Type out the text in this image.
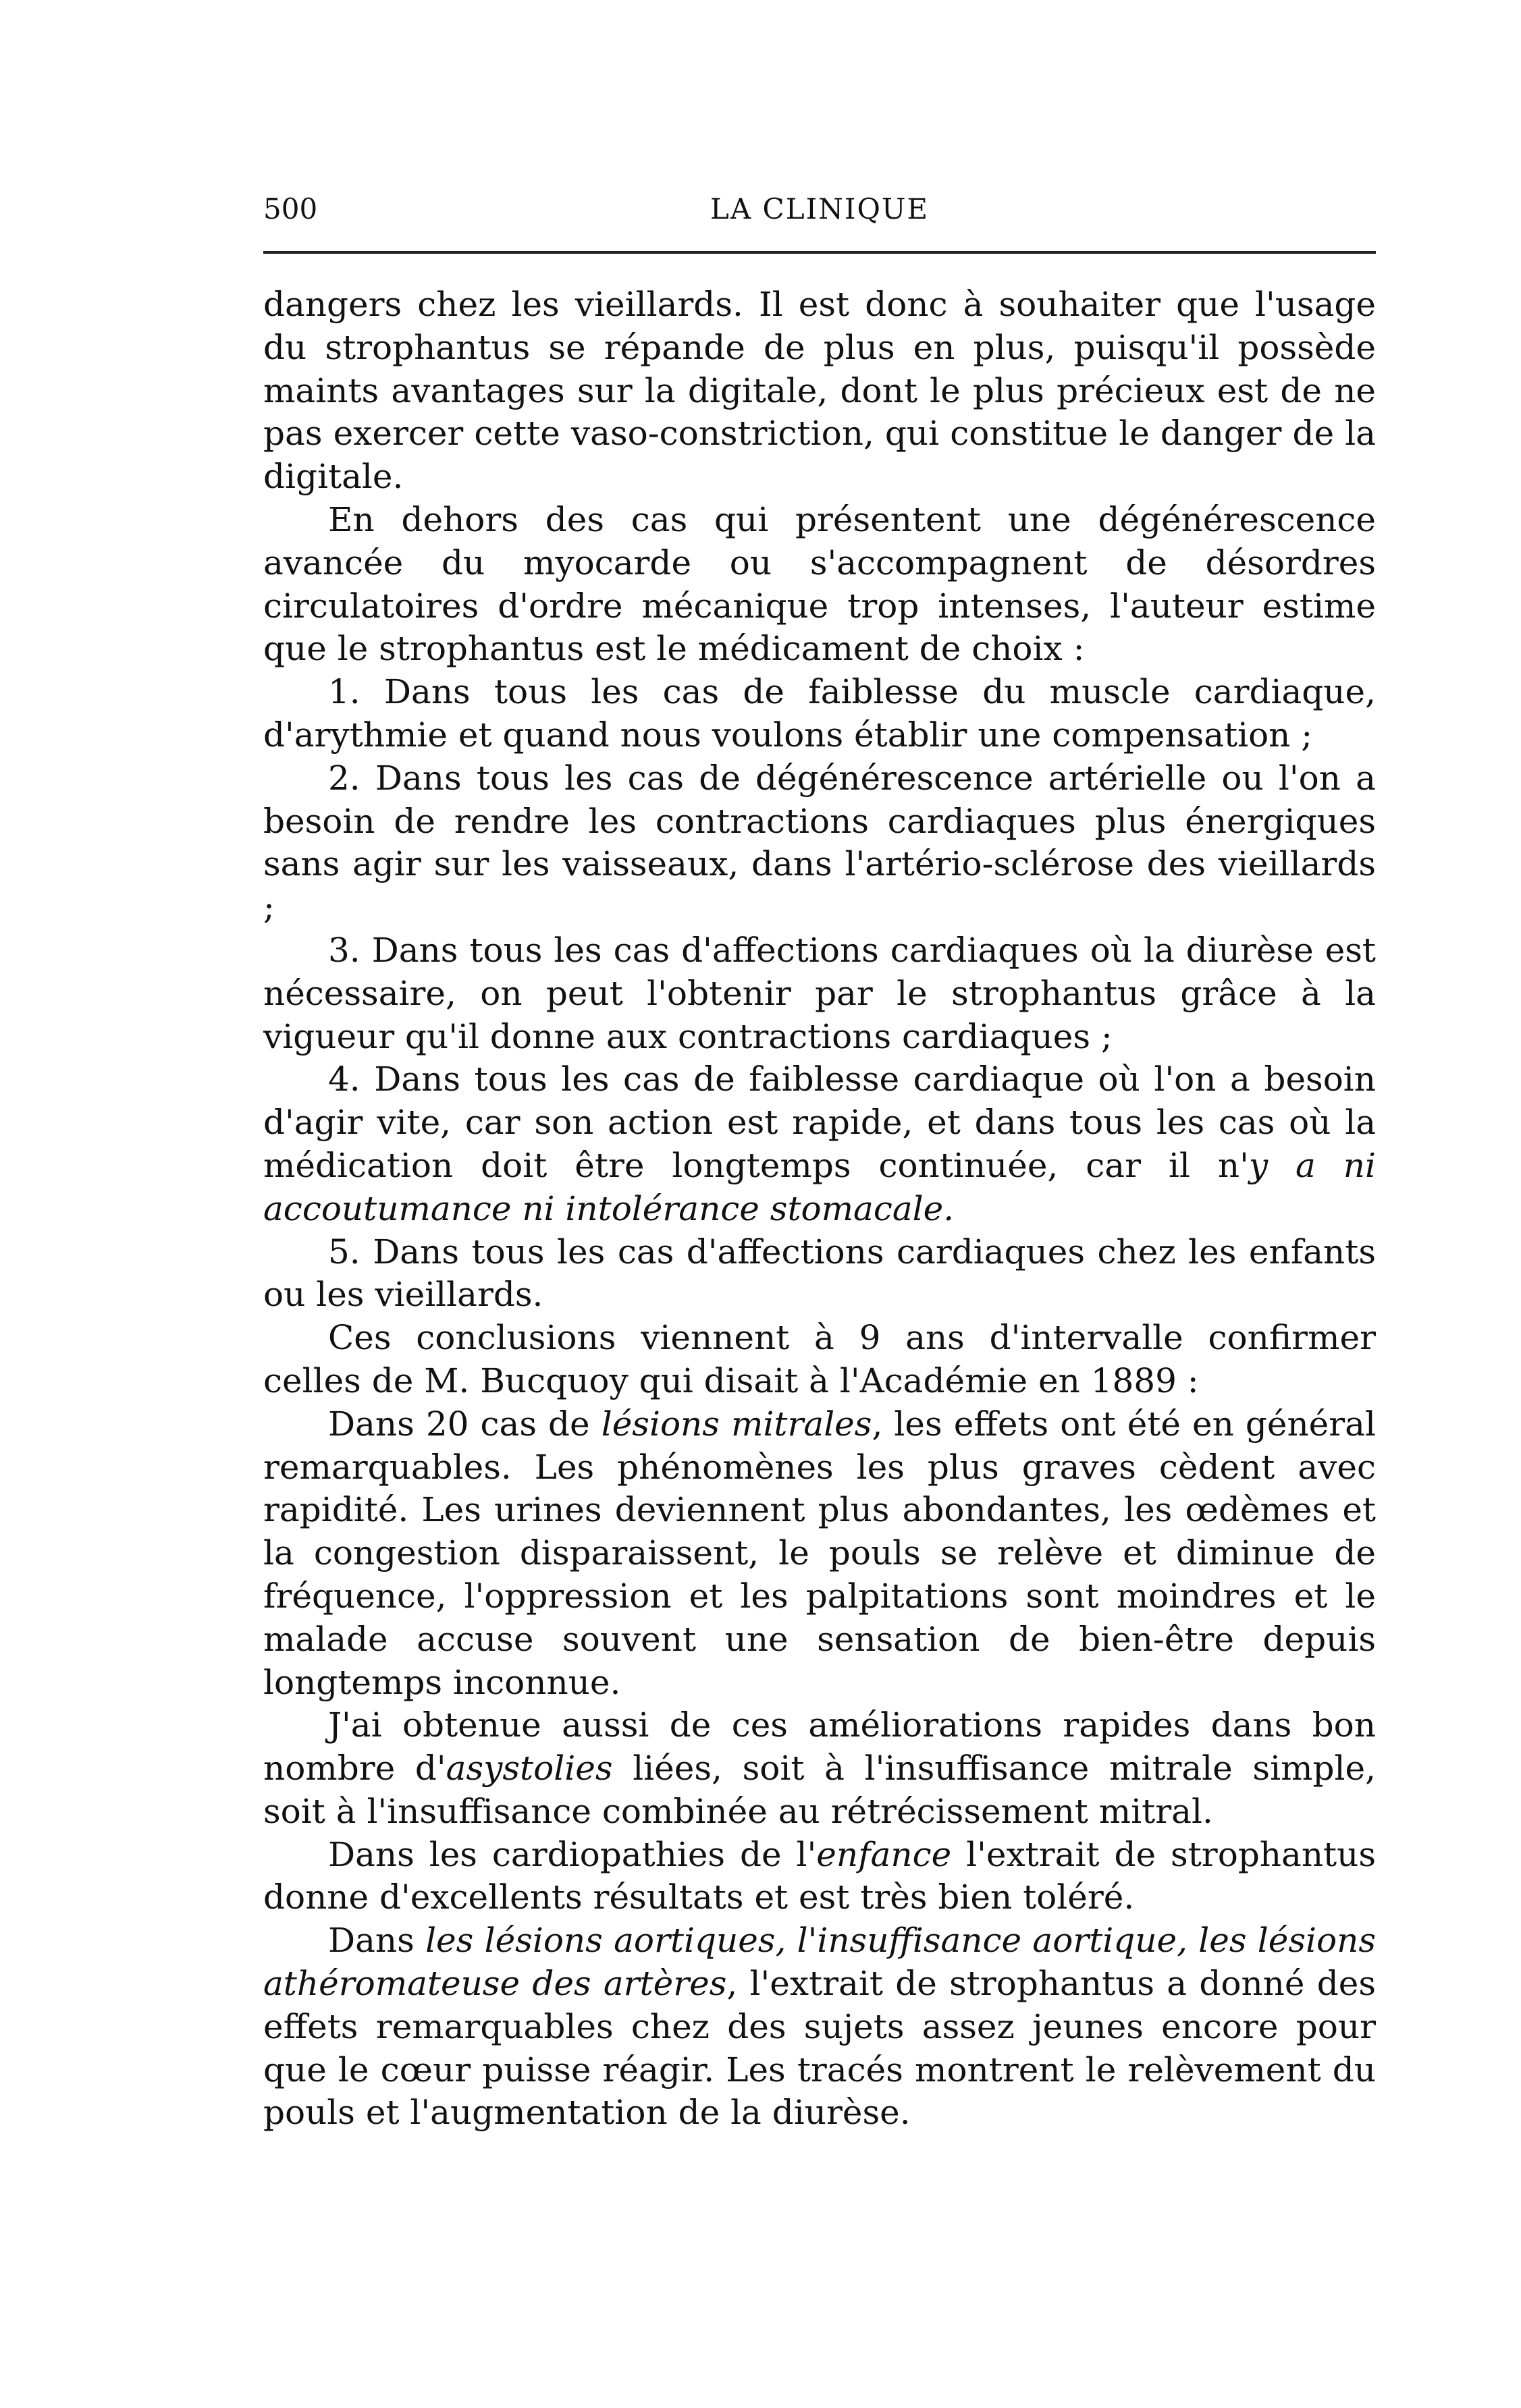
500	LA CLINIQUE

dangers chez les vieillards. Il est donc à souhaiter que l'usage du strophantus se répande de plus en plus, puisqu'il possède maints avantages sur la digitale, dont le plus précieux est de ne pas exercer cette vaso-constriction, qui constitue le danger de la digitale.

En dehors des cas qui présentent une dégénérescence avancée du myocarde ou s'accompagnent de désordres circulatoires d'ordre mécanique trop intenses, l'auteur estime que le strophantus est le médicament de choix :

1. Dans tous les cas de faiblesse du muscle cardiaque, d'arythmie et quand nous voulons établir une compensation ;

2. Dans tous les cas de dégénérescence artérielle ou l'on a besoin de rendre les contractions cardiaques plus énergiques sans agir sur les vaisseaux, dans l'artério-sclérose des vieillards ;

3. Dans tous les cas d'affections cardiaques où la diurèse est nécessaire, on peut l'obtenir par le strophantus grâce à la vigueur qu'il donne aux contractions cardiaques ;

4. Dans tous les cas de faiblesse cardiaque où l'on a besoin d'agir vite, car son action est rapide, et dans tous les cas où la médication doit être longtemps continuée, car il n'y a ni accoutumance ni intolérance stomacale.

5. Dans tous les cas d'affections cardiaques chez les enfants ou les vieillards.

Ces conclusions viennent à 9 ans d'intervalle confirmer celles de M. Bucquoy qui disait à l'Académie en 1889 :

Dans 20 cas de lésions mitrales, les effets ont été en général remarquables. Les phénomènes les plus graves cèdent avec rapidité. Les urines deviennent plus abondantes, les œdèmes et la congestion disparaissent, le pouls se relève et diminue de fréquence, l'oppression et les palpitations sont moindres et le malade accuse souvent une sensation de bien-être depuis longtemps inconnue.

J'ai obtenue aussi de ces améliorations rapides dans bon nombre d'asystolies liées, soit à l'insuffisance mitrale simple, soit à l'insuffisance combinée au rétrécissement mitral.

Dans les cardiopathies de l'enfance l'extrait de strophantus donne d'excellents résultats et est très bien toléré.

Dans les lésions aortiques, l'insuffisance aortique, les lésions athéromateuse des artères, l'extrait de strophantus a donné des effets remarquables chez des sujets assez jeunes encore pour que le cœur puisse réagir. Les tracés montrent le relèvement du pouls et l'augmentation de la diurèse.
